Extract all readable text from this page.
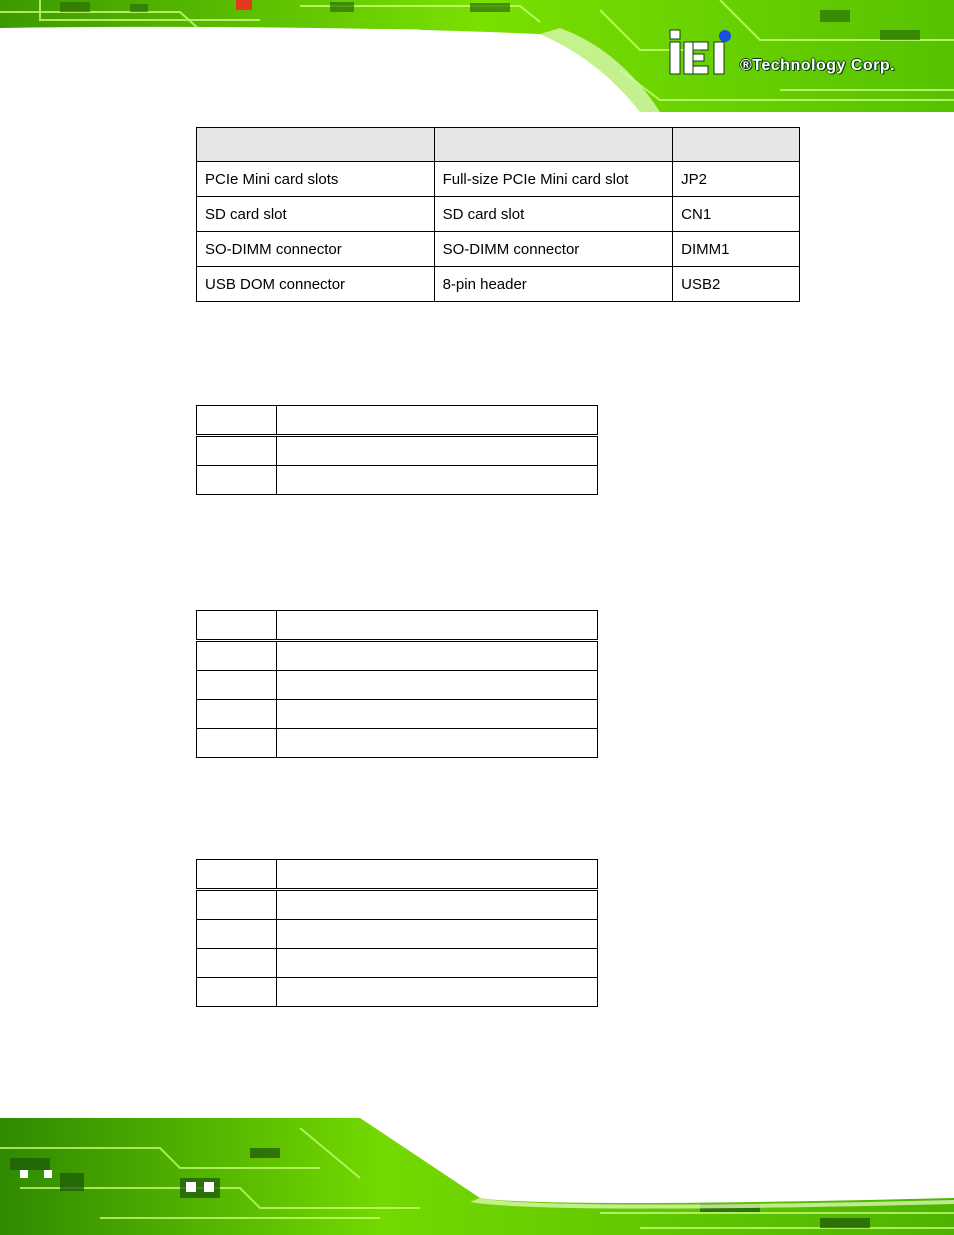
®Technology Corp.

PCIe Mini card slots	Full-size PCIe Mini card slot	JP2
SD card slot	SD card slot	CN1
SO-DIMM connector	SO-DIMM connector	DIMM1
USB DOM connector	8-pin header	USB2
